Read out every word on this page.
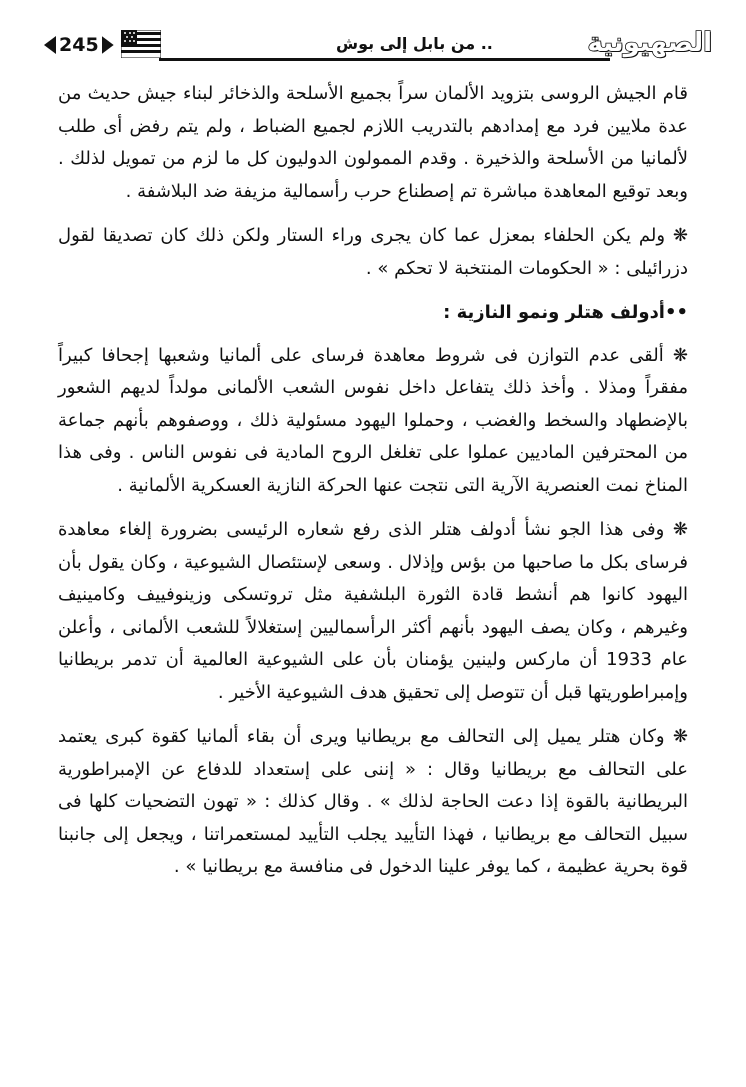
245	.. من بابل إلى بوش	الصهيونية

قام الجيش الروسى بتزويد الألمان سراً بجميع الأسلحة والذخائر لبناء جيش حديث من عدة ملايين فرد مع إمدادهم بالتدريب اللازم لجميع الضباط ، ولم يتم رفض أى طلب لألمانيا من الأسلحة والذخيرة . وقدم الممولون الدوليون كل ما لزم من تمويل لذلك . وبعد توقيع المعاهدة مباشرة تم إصطناع حرب رأسمالية مزيفة ضد البلاشفة .

❋ ولم يكن الحلفاء بمعزل عما كان يجرى وراء الستار ولكن ذلك كان تصديقا لقول دزرائيلى : « الحكومات المنتخبة لا تحكم » .

••أدولف هتلر ونمو النازية :

❋ ألقى عدم التوازن فى شروط معاهدة فرساى على ألمانيا وشعبها إجحافا كبيراً مفقراً ومذلا . وأخذ ذلك يتفاعل داخل نفوس الشعب الألمانى مولداً لديهم الشعور بالإضطهاد والسخط والغضب ، وحملوا اليهود مسئولية ذلك ، ووصفوهم بأنهم جماعة من المحترفين الماديين عملوا على تغلغل الروح المادية فى نفوس الناس . وفى هذا المناخ نمت العنصرية الآرية التى نتجت عنها الحركة النازية العسكرية الألمانية .

❋ وفى هذا الجو نشأ أدولف هتلر الذى رفع شعاره الرئيسى بضرورة إلغاء معاهدة فرساى بكل ما صاحبها من بؤس وإذلال . وسعى لإستئصال الشيوعية ، وكان يقول بأن اليهود كانوا هم أنشط قادة الثورة البلشفية مثل تروتسكى وزينوفييف وكامينيف وغيرهم ، وكان يصف اليهود بأنهم أكثر الرأسماليين إستغلالاً للشعب الألمانى ، وأعلن عام 1933 أن ماركس ولينين يؤمنان بأن على الشيوعية العالمية أن تدمر بريطانيا وإمبراطوريتها قبل أن تتوصل إلى تحقيق هدف الشيوعية الأخير .

❋ وكان هتلر يميل إلى التحالف مع بريطانيا ويرى أن بقاء ألمانيا كقوة كبرى يعتمد على التحالف مع بريطانيا وقال : « إننى على إستعداد للدفاع عن الإمبراطورية البريطانية بالقوة إذا دعت الحاجة لذلك » . وقال كذلك : « تهون التضحيات كلها فى سبيل التحالف مع بريطانيا ، فهذا التأييد يجلب التأييد لمستعمراتنا ، ويجعل إلى جانبنا قوة بحرية عظيمة ، كما يوفر علينا الدخول فى منافسة مع بريطانيا » .
